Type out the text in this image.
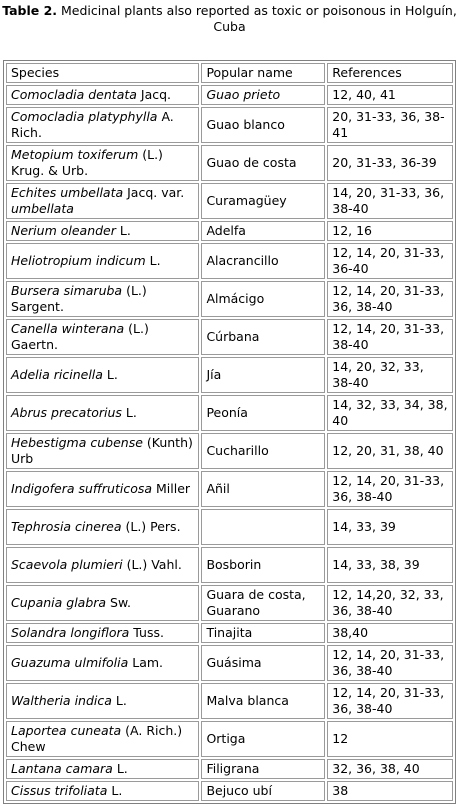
Table 2. Medicinal plants also reported as toxic or poisonous in Holguín, Cuba
Species	Popular name	References
Comocladia dentata Jacq.	Guao prieto	12, 40, 41
Comocladia platyphylla A. Rich.	Guao blanco	20, 31-33, 36, 38-41
Metopium toxiferum (L.) Krug. & Urb.	Guao de costa	20, 31-33, 36-39
Echites umbellata Jacq. var. umbellata	Curamagüey	14, 20, 31-33, 36, 38-40
Nerium oleander L.	Adelfa	12, 16
Heliotropium indicum L.	Alacrancillo	12, 14, 20, 31-33, 36-40
Bursera simaruba (L.) Sargent.	Almácigo	12, 14, 20, 31-33, 36, 38-40
Canella winterana (L.) Gaertn.	Cúrbana	12, 14, 20, 31-33, 38-40
Adelia ricinella L.	Jía	14, 20, 32, 33, 38-40
Abrus precatorius L.	Peonía	14, 32, 33, 34, 38, 40
Hebestigma cubense (Kunth) Urb	Cucharillo	12, 20, 31, 38, 40
Indigofera suffruticosa Miller	Añil	12, 14, 20, 31-33, 36, 38-40
Tephrosia cinerea (L.) Pers.		14, 33, 39
Scaevola plumieri (L.) Vahl.	Bosborin	14, 33, 38, 39
Cupania glabra Sw.	Guara de costa, Guarano	12, 14,20, 32, 33, 36, 38-40
Solandra longiflora Tuss.	Tinajita	38,40
Guazuma ulmifolia Lam.	Guásima	12, 14, 20, 31-33, 36, 38-40
Waltheria indica L.	Malva blanca	12, 14, 20, 31-33, 36, 38-40
Laportea cuneata (A. Rich.) Chew	Ortiga	12
Lantana camara L.	Filigrana	32, 36, 38, 40
Cissus trifoliata L.	Bejuco ubí	38
